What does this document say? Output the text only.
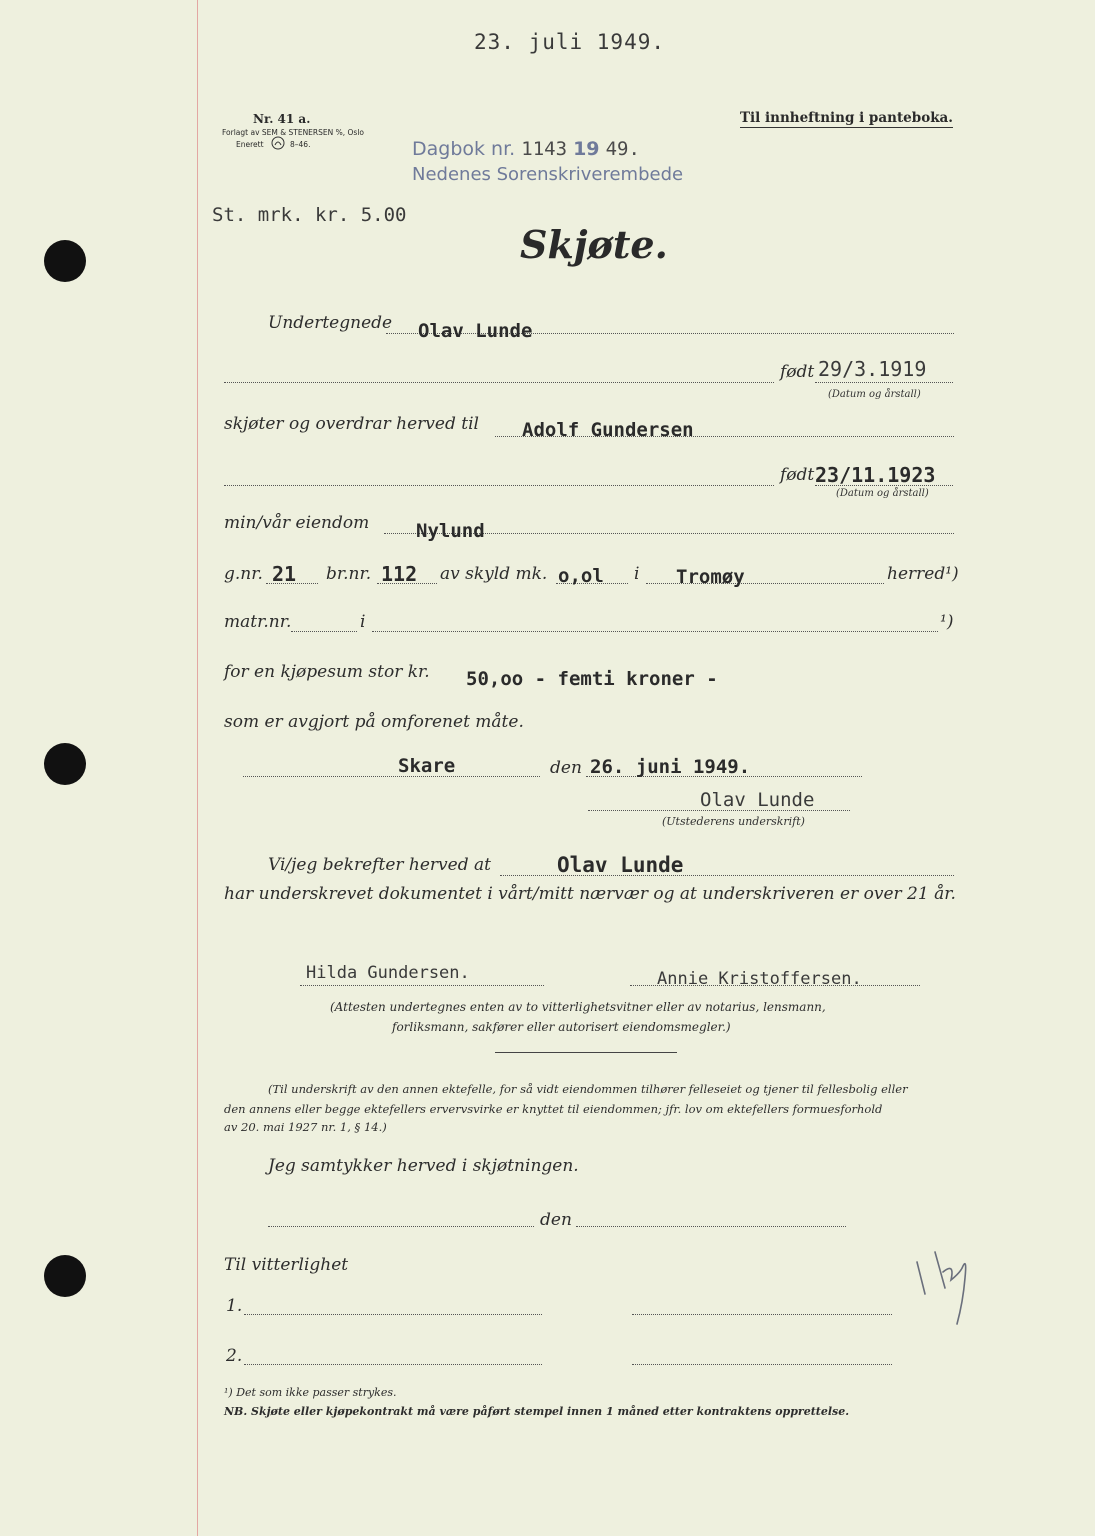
23. juli 1949.
Nr. 41 a.
Forlagt av SEM & STENERSEN %, Oslo
Enerett	8–46.
Til innheftning i panteboka.
Dagbok nr. 1143 19 49.
Nedenes Sorenskriverembede
St. mrk. kr. 5.00
Skjøte.
Undertegnede Olav Lunde
født 29/3.1919
(Datum og årstall)
skjøter og overdrar herved til Adolf Gundersen
født 23/11.1923
(Datum og årstall)
min/vår eiendom Nylund
g.nr. 21 br.nr. 112 av skyld mk. o,ol i Tromøy	herred¹)
matr.nr.	i	¹)
for en kjøpesum stor kr. 50,oo - femti kroner -
som er avgjort på omforenet måte.
Skare	den 26. juni 1949.
Olav Lunde
(Utstederens underskrift)
Vi/jeg bekrefter herved at	Olav Lunde
har underskrevet dokumentet i vårt/mitt nærvær og at underskriveren er over 21 år.
Hilda Gundersen.	Annie Kristoffersen.
(Attesten undertegnes enten av to vitterlighetsvitner eller av notarius, lensmann,
forliksmann, sakfører eller autorisert eiendomsmegler.)
(Til underskrift av den annen ektefelle, for så vidt eiendommen tilhører felleseiet og tjener til fellesbolig eller
den annens eller begge ektefellers ervervsvirke er knyttet til eiendommen; jfr. lov om ektefellers formuesforhold
av 20. mai 1927 nr. 1, § 14.)
Jeg samtykker herved i skjøtningen.
den
Til vitterlighet
1.
2.
¹) Det som ikke passer strykes.
NB. Skjøte eller kjøpekontrakt må være påført stempel innen 1 måned etter kontraktens opprettelse.
